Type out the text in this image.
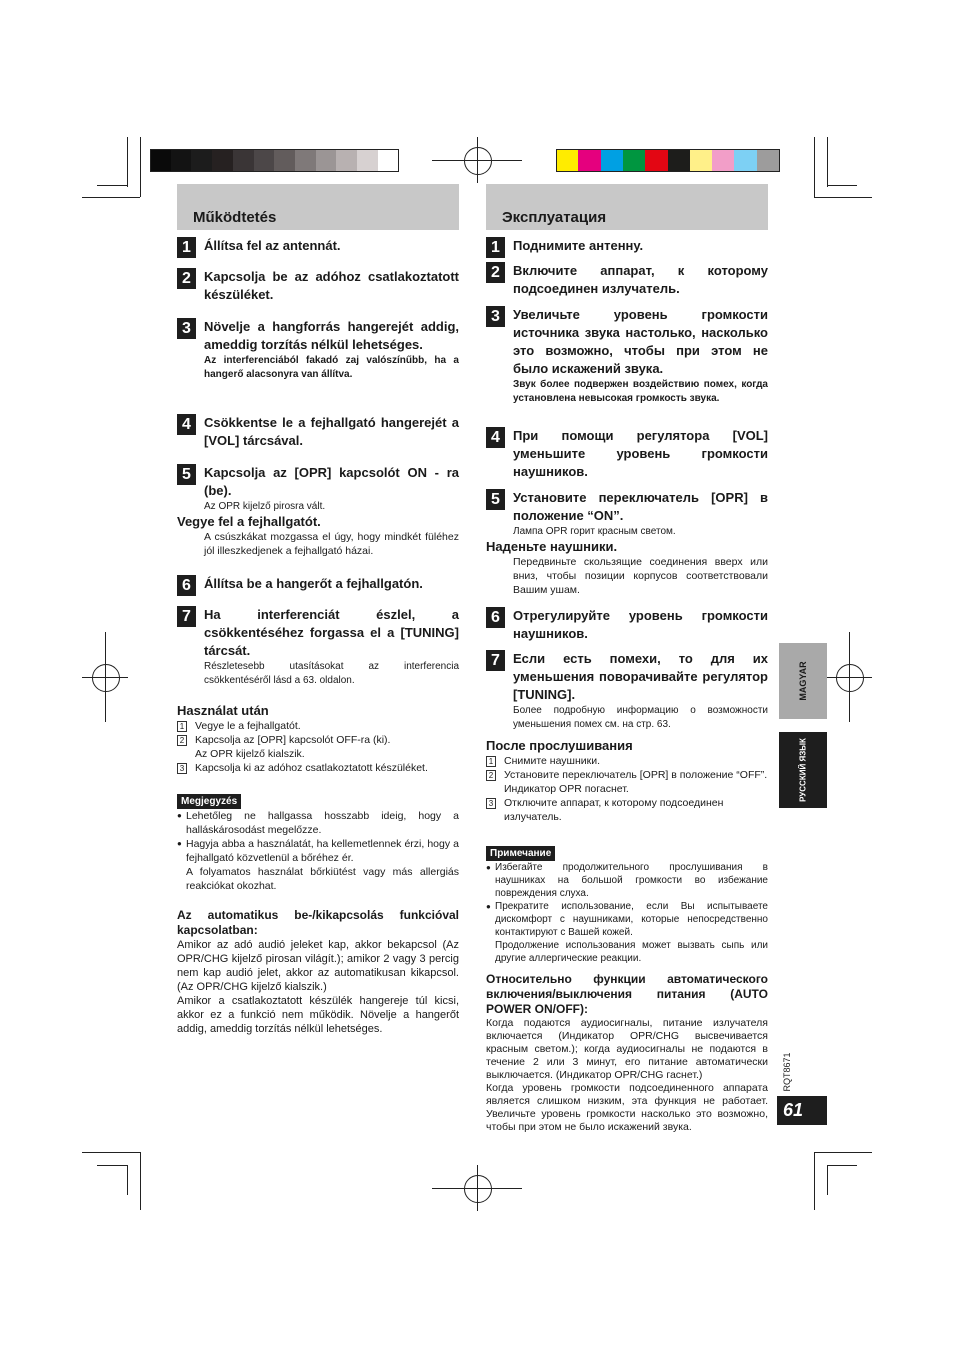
Működtetés
1	Állítsa fel az antennát.
2	Kapcsolja be az adóhoz csatlakoztatott készüléket.
3	Növelje a hangforrás hangerejét addig, ameddig torzítás nélkül lehetséges.
Az interferenciából fakadó zaj valószínűbb, ha a hangerő alacsonyra van állítva.
4	Csökkentse le a fejhallgató hangerejét a [VOL] tárcsával.
5	Kapcsolja az [OPR] kapcsolót ON - ra (be).
Az OPR kijelző pirosra vált.
Vegye fel a fejhallgatót.
A csúszkákat mozgassa el úgy, hogy mindkét füléhez jól illeszkedjenek a fejhallgató házai.
6	Állítsa be a hangerőt a fejhallgatón.
7	Ha interferenciát észlel, a csökkentéséhez forgassa el a [TUNING] tárcsát.
Részletesebb utasításokat az interferencia csökkentéséről lásd a 63. oldalon.
Használat után
1 Vegye le a fejhallgatót.
2 Kapcsolja az [OPR] kapcsolót OFF-ra (ki).
Az OPR kijelző kialszik.
3 Kapcsolja ki az adóhoz csatlakoztatott készüléket.
Megjegyzés
● Lehetőleg ne hallgassa hosszabb ideig, hogy a halláskárosodást megelőzze.
● Hagyja abba a használatát, ha kellemetlennek érzi, hogy a fejhallgató közvetlenül a bőréhez ér.
A folyamatos használat bőrkiütést vagy más allergiás reakciókat okozhat.
Az automatikus be-/kikapcsolás funkcióval kapcsolatban:
Amikor az adó audió jeleket kap, akkor bekapcsol (Az OPR/CHG kijelző pirosan világít.); amikor 2 vagy 3 percig nem kap audió jelet, akkor az automatikusan kikapcsol. (Az OPR/CHG kijelző kialszik.)
Amikor a csatlakoztatott készülék hangereje túl kicsi, akkor ez a funkció nem működik. Növelje a hangerőt addig, ameddig torzítás nélkül lehetséges.
Эксплуатация
1	Поднимите антенну.
2	Включите аппарат, к которому подсоединен излучатель.
3	Увеличьте уровень громкости источника звука настолько, насколько это возможно, чтобы при этом не было искажений звука.
Звук более подвержен воздействию помех, когда установлена невысокая громкость звука.
4	При помощи регулятора [VOL] уменьшите уровень громкости наушников.
5	Установите переключатель [OPR] в положение “ON”.
Лампа OPR горит красным светом.
Наденьте наушники.
Передвиньте скользящие соединения вверх или вниз, чтобы позиции корпусов соответствовали Вашим ушам.
6	Отрегулируйте уровень громкости наушников.
7	Если есть помехи, то для их уменьшения поворачивайте регулятор [TUNING].
Более подробную информацию о возможности уменьшения помех см. на стр. 63.
После прослушивания
1 Снимите наушники.
2 Установите переключатель [OPR] в положение “OFF”.
Индикатор OPR погаснет.
3 Отключите аппарат, к которому подсоединен излучатель.
Примечание
● Избегайте продолжительного прослушивания в наушниках на большой громкости во избежание повреждения слуха.
● Прекратите использование, если Вы испытываете дискомфорт с наушниками, которые непосредственно контактируют с Вашей кожей.
Продолжение использования может вызвать сыпь или другие аллергические реакции.
Относительно функции автоматического включения/выключения питания (AUTO POWER ON/OFF):
Когда подаются аудиосигналы, питание излучателя включается (Индикатор OPR/CHG высвечивается красным светом.); когда аудиосигналы не подаются в течение 2 или 3 минут, его питание автоматически выключается. (Индикатор OPR/CHG гаснет.)
Когда уровень громкости подсоединенного аппарата является слишком низким, эта функция не работает. Увеличьте уровень громкости насколько это возможно, чтобы при этом не было искажений звука.
MAGYAR
РУССКИЙ ЯЗЫК
RQT8671
61
